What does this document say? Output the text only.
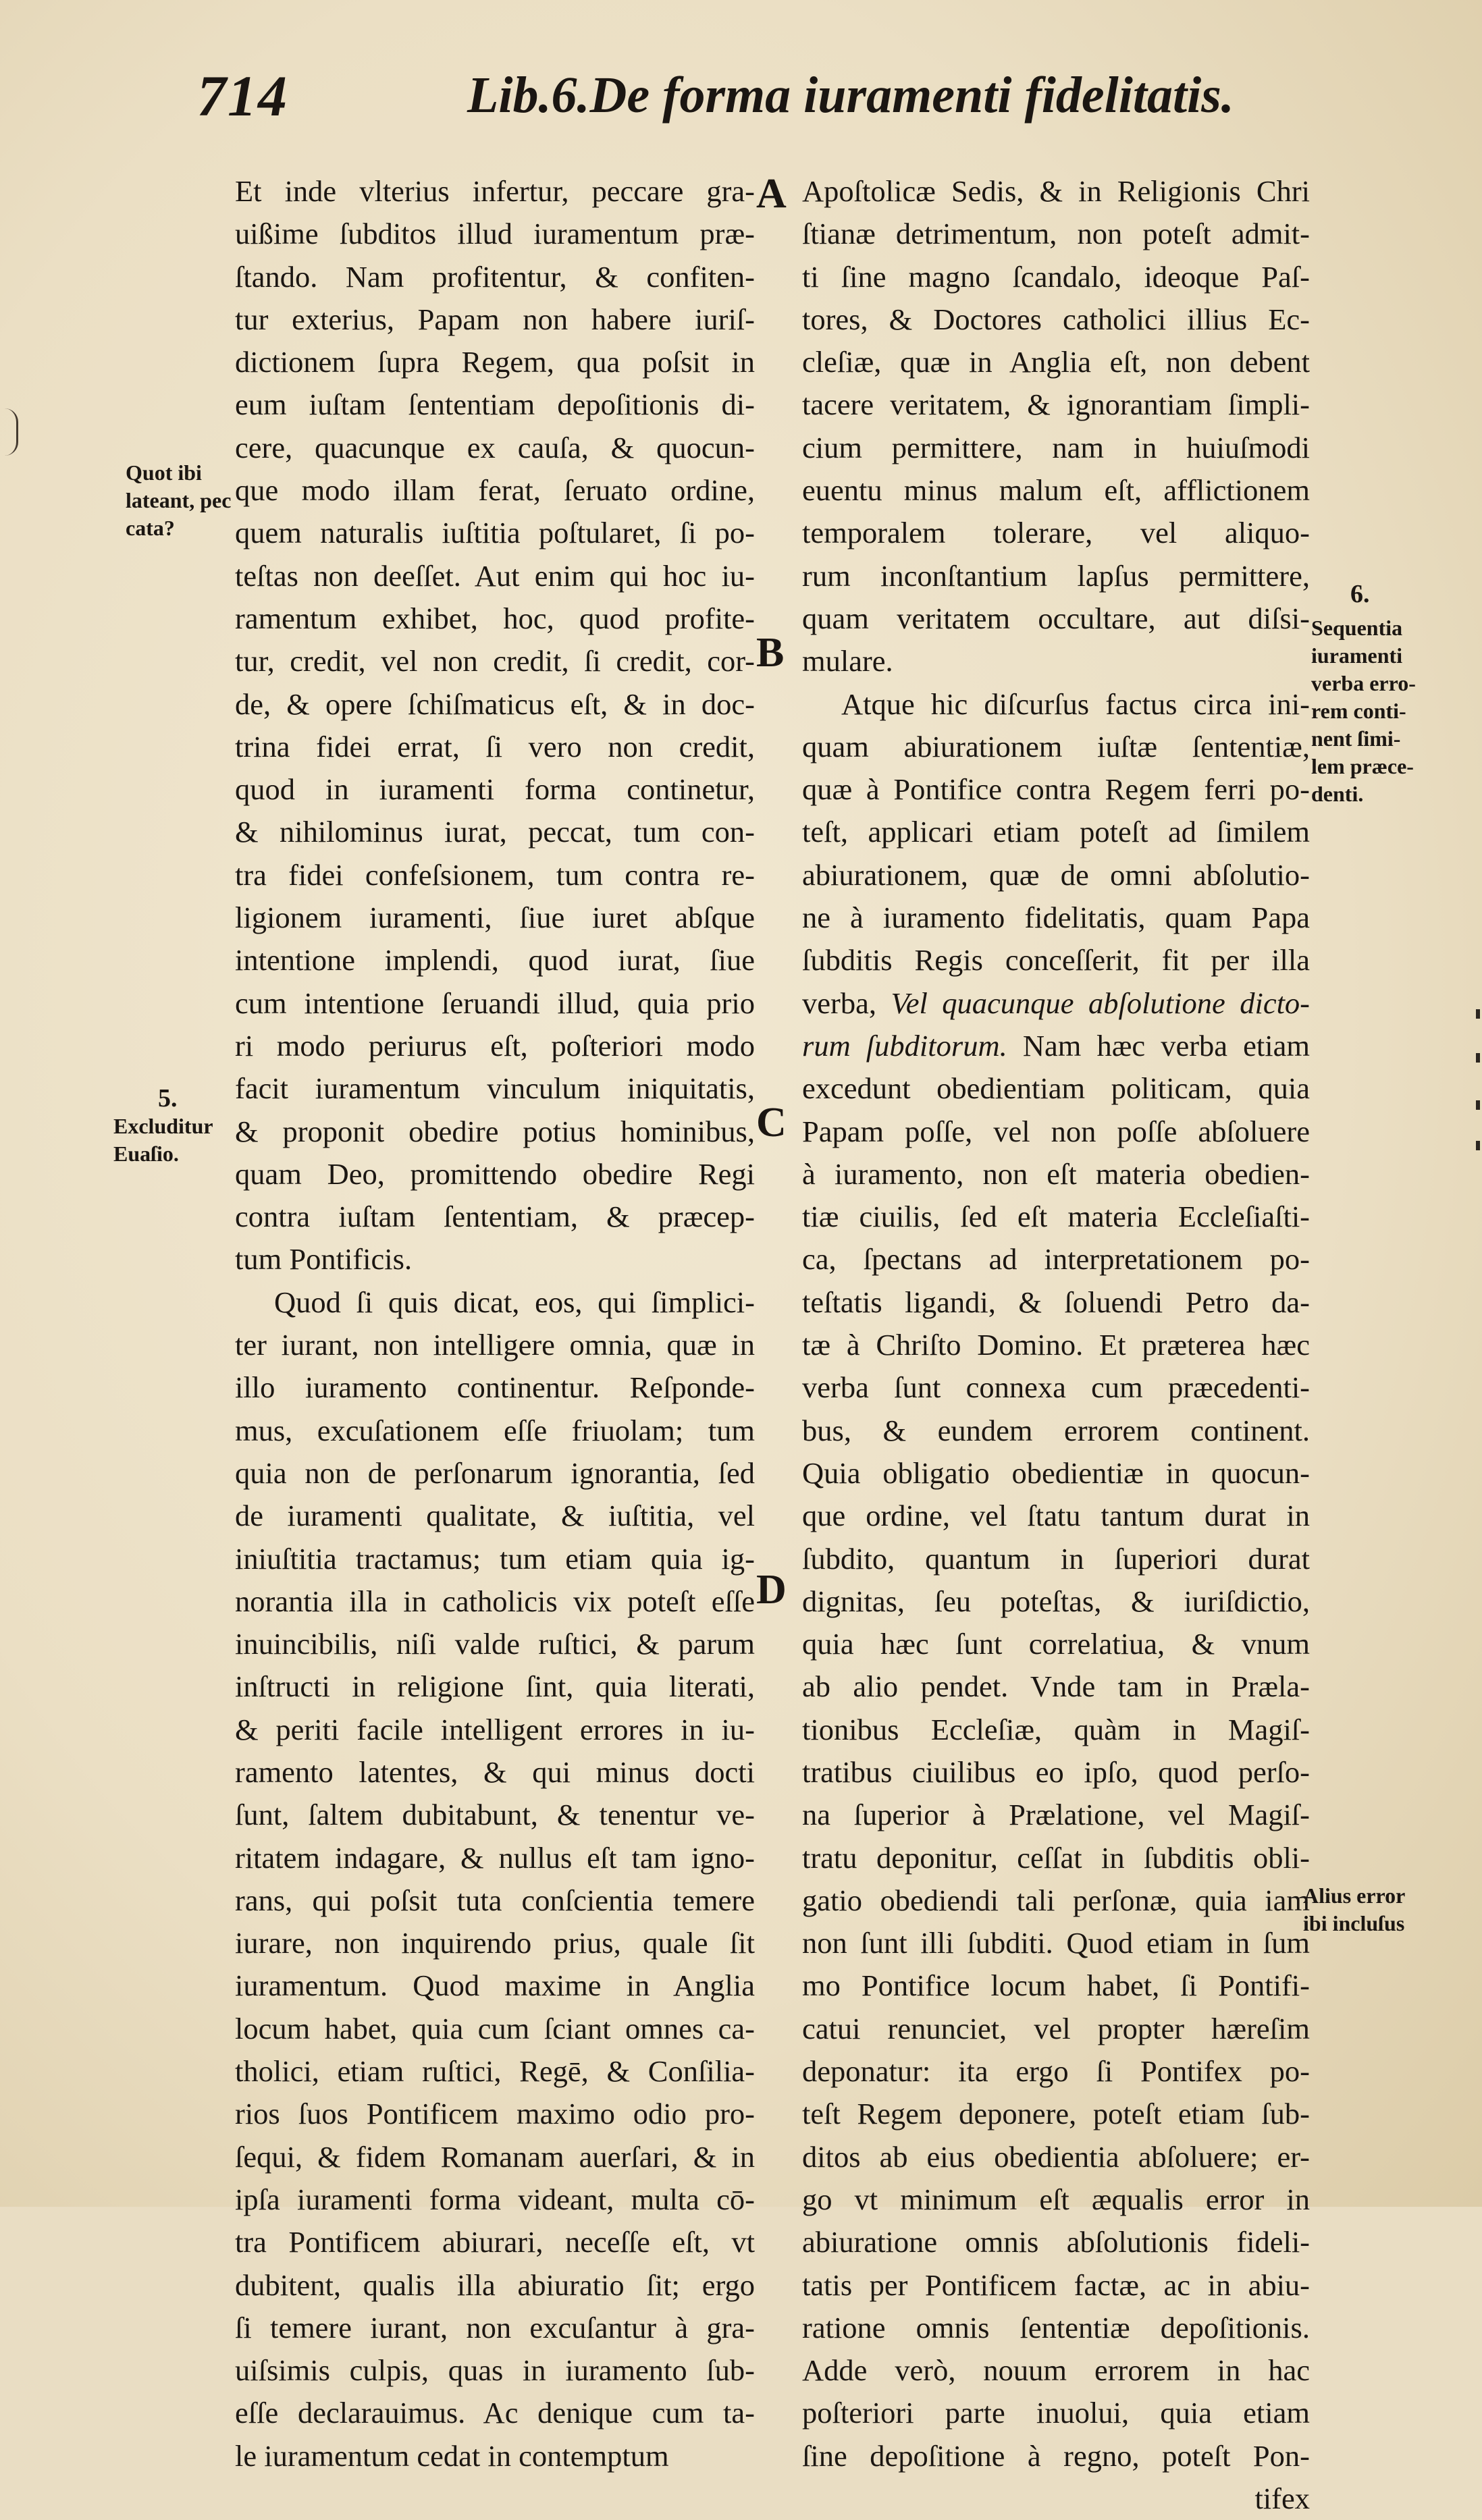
714	Lib.6.De forma iuramenti fidelitatis.
Et inde vlterius infertur, peccare gra-
uißime ſubditos illud iuramentum præ-
ſtando. Nam profitentur, & confiten-
tur exterius, Papam non habere iuriſ-
dictionem ſupra Regem, qua poſsit in
eum iuſtam ſententiam depoſitionis di-
cere, quacunque ex cauſa, & quocun-
que modo illam ferat, ſeruato ordine,
quem naturalis iuſtitia poſtularet, ſi po-
teſtas non deeſſet. Aut enim qui hoc iu-
ramentum exhibet, hoc, quod profite-
tur, credit, vel non credit, ſi credit, cor-
de, & opere ſchiſmaticus eſt, & in doc-
trina fidei errat, ſi vero non credit,
quod in iuramenti forma continetur,
& nihilominus iurat, peccat, tum con-
tra fidei confeſsionem, tum contra re-
ligionem iuramenti, ſiue iuret abſque
intentione implendi, quod iurat, ſiue
cum intentione ſeruandi illud, quia prio
ri modo periurus eſt, poſteriori modo
facit iuramentum vinculum iniquitatis,
& proponit obedire potius hominibus,
quam Deo, promittendo obedire Regi
contra iuſtam ſententiam, & præcep-
tum Pontificis.
Quod ſi quis dicat, eos, qui ſimplici-
ter iurant, non intelligere omnia, quæ in
illo iuramento continentur. Reſponde-
mus, excuſationem eſſe friuolam; tum
quia non de perſonarum ignorantia, ſed
de iuramenti qualitate, & iuſtitia, vel
iniuſtitia tractamus; tum etiam quia ig-
norantia illa in catholicis vix poteſt eſſe
inuincibilis, niſi valde ruſtici, & parum
inſtructi in religione ſint, quia literati,
& periti facile intelligent errores in iu-
ramento latentes, & qui minus docti
ſunt, ſaltem dubitabunt, & tenentur ve-
ritatem indagare, & nullus eſt tam igno-
rans, qui poſsit tuta conſcientia temere
iurare, non inquirendo prius, quale ſit
iuramentum. Quod maxime in Anglia
locum habet, quia cum ſciant omnes ca-
tholici, etiam ruſtici, Regē, & Conſilia-
rios ſuos Pontificem maximo odio pro-
ſequi, & fidem Romanam auerſari, & in
ipſa iuramenti forma videant, multa cō-
tra Pontificem abiurari, neceſſe eſt, vt
dubitent, qualis illa abiuratio ſit; ergo
ſi temere iurant, non excuſantur à gra-
uiſsimis culpis, quas in iuramento ſub-
eſſe declarauimus. Ac denique cum ta-
le iuramentum cedat in contemptum
Apoſtolicæ Sedis, & in Religionis Chri
ſtianæ detrimentum, non poteſt admit-
ti ſine magno ſcandalo, ideoque Paſ-
tores, & Doctores catholici illius Ec-
cleſiæ, quæ in Anglia eſt, non debent
tacere veritatem, & ignorantiam ſimpli-
cium permittere, nam in huiuſmodi
euentu minus malum eſt, afflictionem
temporalem tolerare, vel aliquo-
rum inconſtantium lapſus permittere,
quam veritatem occultare, aut diſsi-
mulare.
Atque hic diſcurſus factus circa ini-
quam abiurationem iuſtæ ſententiæ,
quæ à Pontifice contra Regem ferri po-
teſt, applicari etiam poteſt ad ſimilem
abiurationem, quæ de omni abſolutio-
ne à iuramento fidelitatis, quam Papa
ſubditis Regis conceſſerit, fit per illa
verba, Vel quacunque abſolutione dicto-
rum ſubditorum. Nam hæc verba etiam
excedunt obedientiam politicam, quia
Papam poſſe, vel non poſſe abſoluere
à iuramento, non eſt materia obedien-
tiæ ciuilis, ſed eſt materia Eccleſiaſti-
ca, ſpectans ad interpretationem po-
teſtatis ligandi, & ſoluendi Petro da-
tæ à Chriſto Domino. Et præterea hæc
verba ſunt connexa cum præcedenti-
bus, & eundem errorem continent.
Quia obligatio obedientiæ in quocun-
que ordine, vel ſtatu tantum durat in
ſubdito, quantum in ſuperiori durat
dignitas, ſeu poteſtas, & iuriſdictio,
quia hæc ſunt correlatiua, & vnum
ab alio pendet. Vnde tam in Præla-
tionibus Eccleſiæ, quàm in Magiſ-
tratibus ciuilibus eo ipſo, quod perſo-
na ſuperior à Prælatione, vel Magiſ-
tratu deponitur, ceſſat in ſubditis obli-
gatio obediendi tali perſonæ, quia iam
non ſunt illi ſubditi. Quod etiam in ſum
mo Pontifice locum habet, ſi Pontifi-
catui renunciet, vel propter hæreſim
deponatur: ita ergo ſi Pontifex po-
teſt Regem deponere, poteſt etiam ſub-
ditos ab eius obedientia abſoluere; er-
go vt minimum eſt æqualis error in
abiuratione omnis abſolutionis fideli-
tatis per Pontificem factæ, ac in abiu-
ratione omnis ſententiæ depoſitionis.
Adde verò, nouum errorem in hac
poſteriori parte inuolui, quia etiam
ſine depoſitione à regno, poteſt Pon-
tifex
A
B
C
D
Quot ibi
lateant, pec
cata?
5.
Excluditur
Euaſio.
6.
Sequentia
iuramenti
verba erro-
rem conti-
nent ſimi-
lem præce-
denti.
Alius error
ibi incluſus
